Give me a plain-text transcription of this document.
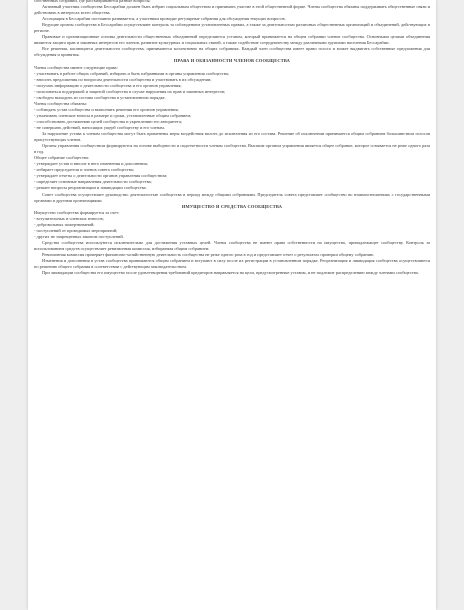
собственных собраний, где рассматриваются разные вопросы;

Активный участник сообщества Бессарабии должен быть избран социальным обществом и принимать участие в этой общественной форме. Члены сообщества обязаны поддерживать общественные связи и действовать в интересах всего общества.

Ассоциация в Бессарабии постоянно развивается, а участники проводят регулярные собрания для обсуждения текущих вопросов.

Ведущие органы сообщества в Бессарабии осуществляют контроль за соблюдением установленных правил, а также за деятельностью различных общественных организаций и объединений, действующих в регионе.

Правовые и организационные основы деятельности общественных объединений определяются уставом, который принимается на общем собрании членов сообщества. Основными целями объединения являются защита прав и законных интересов его членов, развитие культурных и социальных связей, а также содействие сотрудничеству между различными группами населения Бессарабии.

Все решения, касающиеся деятельности сообщества, принимаются коллективно на общих собраниях. Каждый член сообщества имеет право голоса и может выдвигать собственные предложения для обсуждения и принятия.

ПРАВА И ОБЯЗАННОСТИ ЧЛЕНОВ СООБЩЕСТВА

Члены сообщества имеют следующие права:

- участвовать в работе общих собраний, избирать и быть избранными в органы управления сообщества;

- вносить предложения по вопросам деятельности сообщества и участвовать в их обсуждении;

- получать информацию о деятельности сообщества и его органов управления;

- пользоваться поддержкой и защитой сообщества в случае нарушения их прав и законных интересов;

- свободно выходить из состава сообщества в установленном порядке.

Члены сообщества обязаны:

- соблюдать устав сообщества и выполнять решения его органов управления;

- уплачивать членские взносы в размере и сроки, установленные общим собранием;

- способствовать достижению целей сообщества и укреплению его авторитета;

- не совершать действий, наносящих ущерб сообществу и его членам.

За нарушение устава к членам сообщества могут быть применены меры воздействия вплоть до исключения из его состава. Решение об исключении принимается общим собранием большинством голосов присутствующих членов.

Органы управления сообществом формируются на основе выборности и подотчетности членам сообщества. Высшим органом управления является общее собрание, которое созывается не реже одного раза в год.

Общее собрание сообщества:

- утверждает устав и вносит в него изменения и дополнения;

- избирает председателя и членов совета сообщества;

- утверждает отчеты о деятельности органов управления сообществом;

- определяет основные направления деятельности сообщества;

- решает вопросы реорганизации и ликвидации сообщества.

Совет сообщества осуществляет руководство деятельностью сообщества в период между общими собраниями. Председатель совета представляет сообщество во взаимоотношениях с государственными органами и другими организациями.

ИМУЩЕСТВО И СРЕДСТВА СООБЩЕСТВА

Имущество сообщества формируется за счет:

- вступительных и членских взносов;

- добровольных пожертвований;

- поступлений от проводимых мероприятий;

- других не запрещенных законом поступлений.

Средства сообщества используются исключительно для достижения уставных целей. Члены сообщества не имеют права собственности на имущество, принадлежащее сообществу. Контроль за использованием средств осуществляет ревизионная комиссия, избираемая общим собранием.

Ревизионная комиссия проверяет финансово-хозяйственную деятельность сообщества не реже одного раза в год и представляет отчет о результатах проверки общему собранию.

Изменения и дополнения в устав сообщества принимаются общим собранием и вступают в силу после их регистрации в установленном порядке. Реорганизация и ликвидация сообщества осуществляются по решению общего собрания в соответствии с действующим законодательством.

При ликвидации сообщества его имущество после удовлетворения требований кредиторов направляется на цели, предусмотренные уставом, и не подлежит распределению между членами сообщества.
